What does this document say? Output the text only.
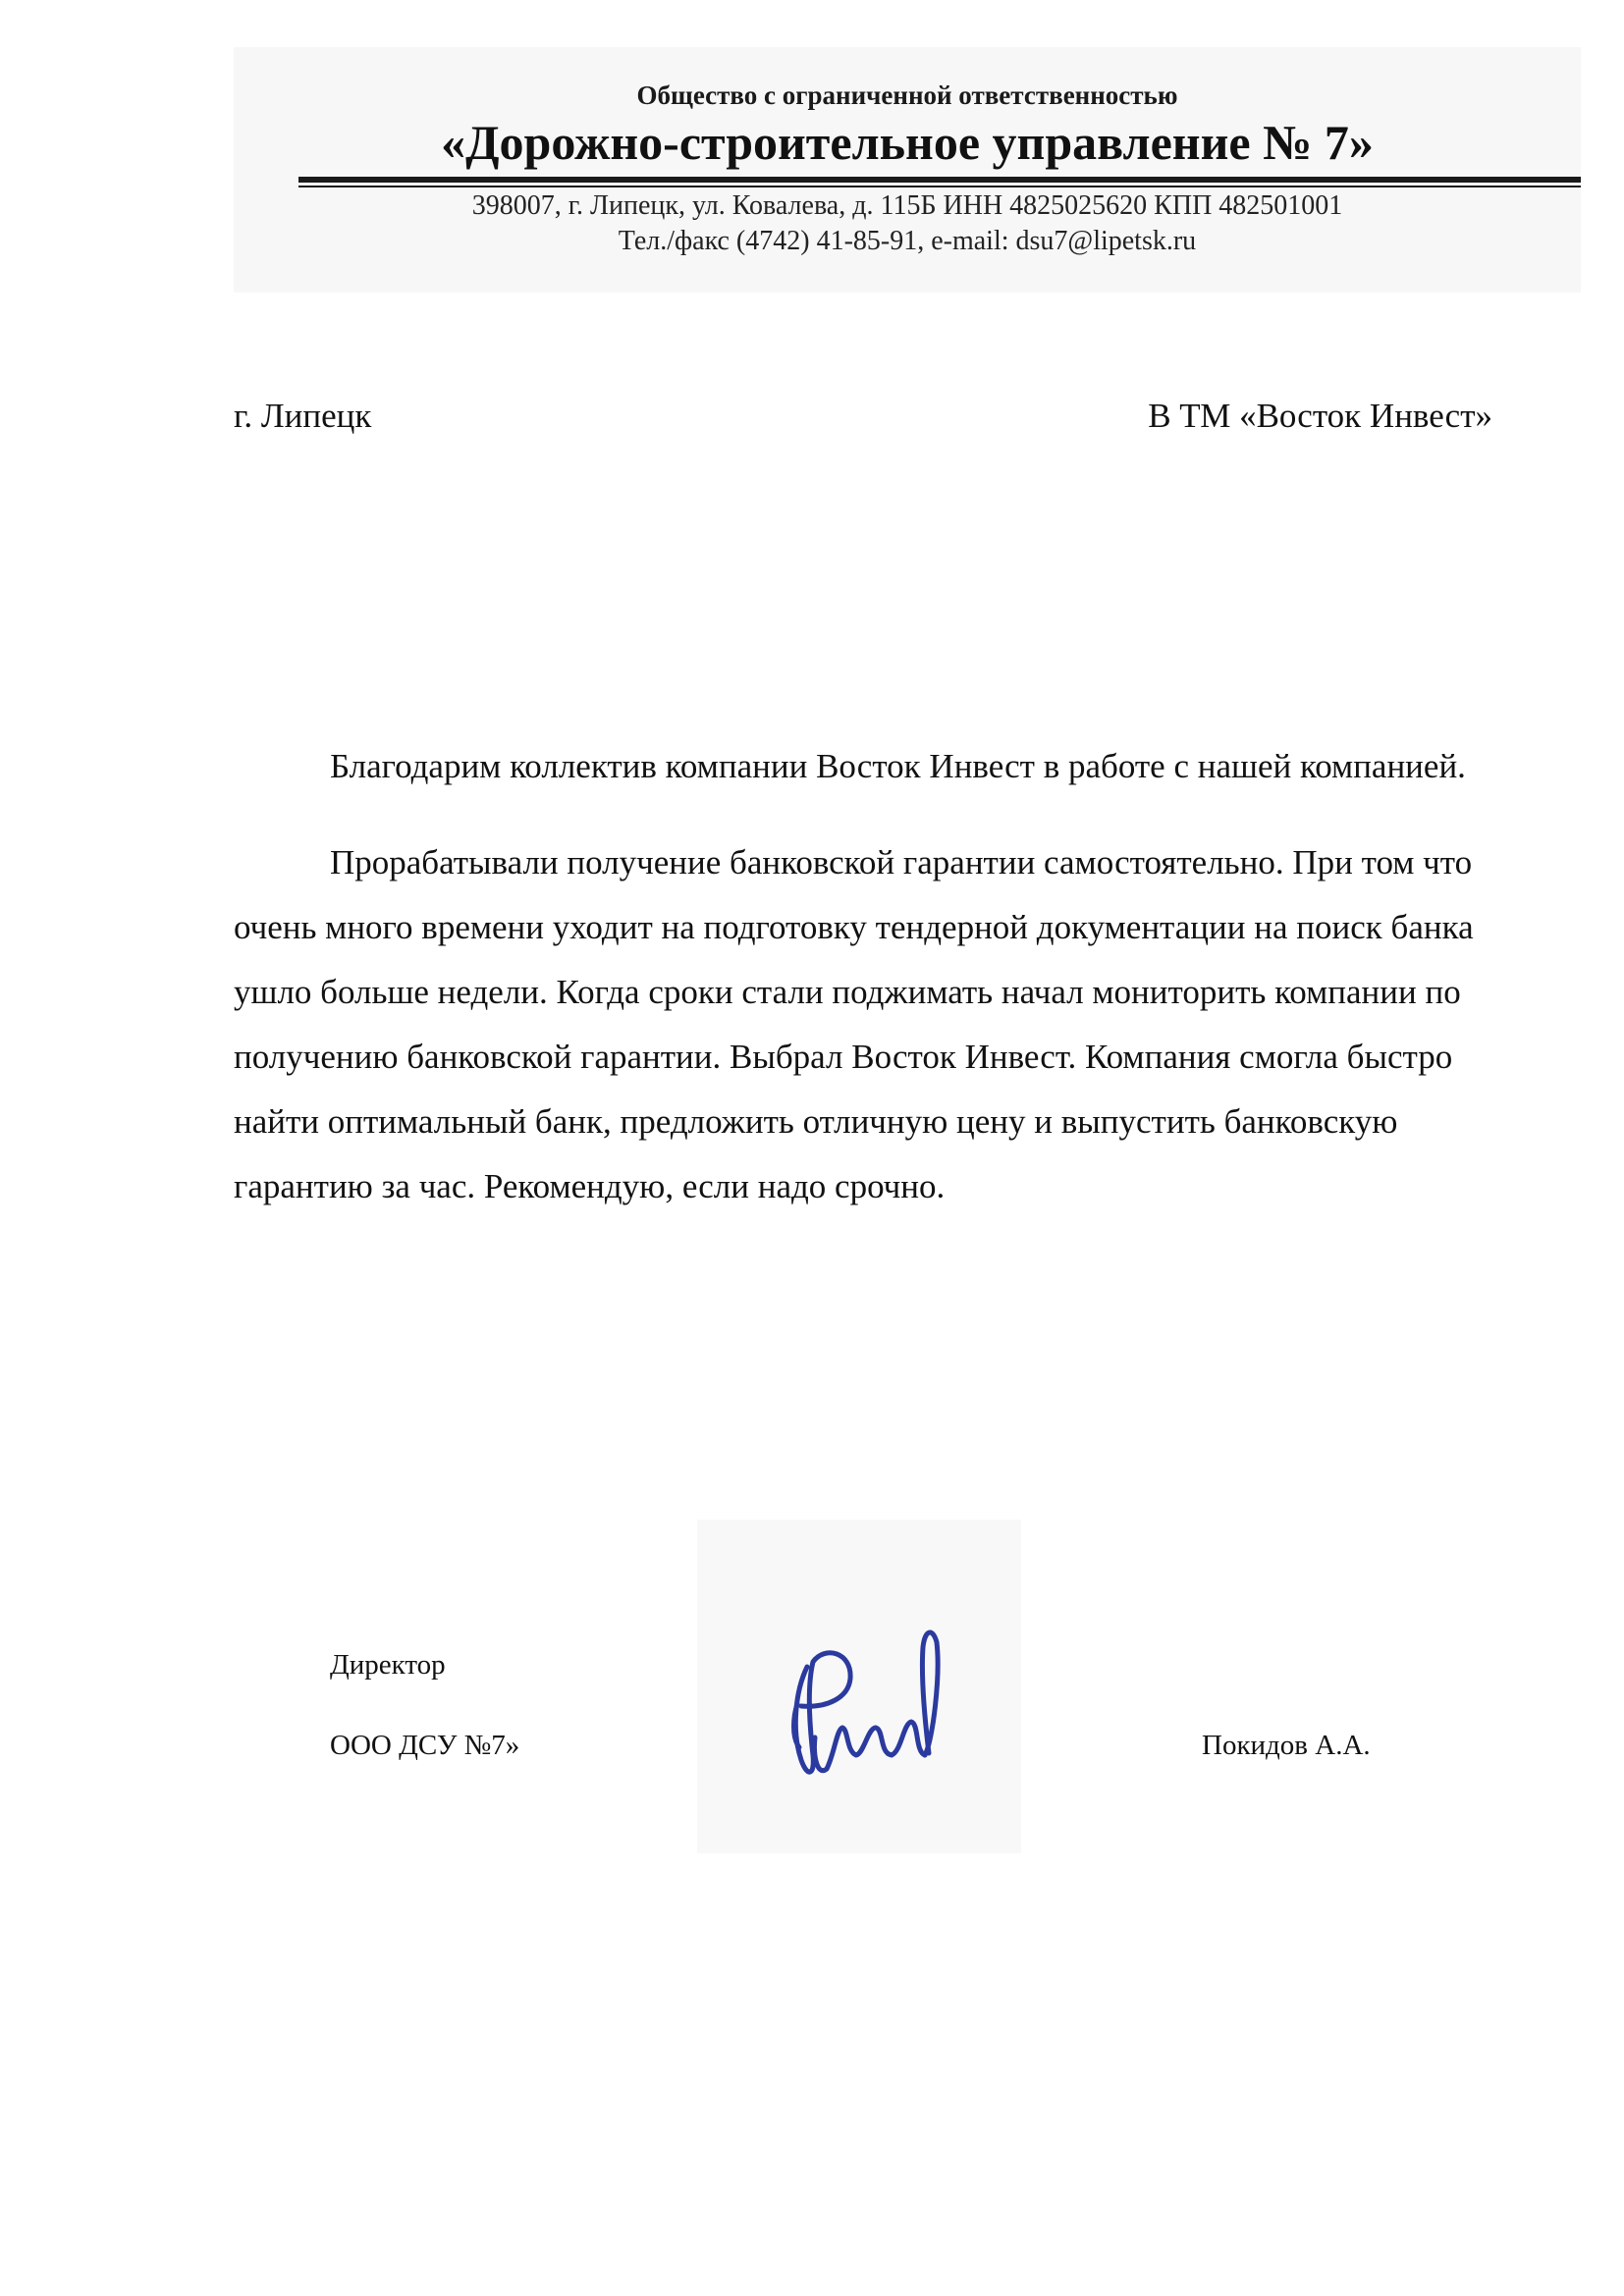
Общество с ограниченной ответственностью
«Дорожно-строительное управление № 7»
398007, г. Липецк, ул. Ковалева, д. 115Б ИНН 4825025620 КПП 482501001
Тел./факс (4742) 41-85-91, e-mail: dsu7@lipetsk.ru
г. Липецк	В ТМ «Восток Инвест»

Благодарим коллектив компании Восток Инвест в работе с нашей компанией.

Прорабатывали получение банковской гарантии самостоятельно. При том что очень много времени уходит на подготовку тендерной документации на поиск банка ушло больше недели. Когда сроки стали поджимать начал мониторить компании по получению банковской гарантии. Выбрал Восток Инвест. Компания смогла быстро найти оптимальный банк, предложить отличную цену и выпустить банковскую гарантию за час. Рекомендую, если надо срочно.

Директор
ООО ДСУ №7»	Покидов А.А.
